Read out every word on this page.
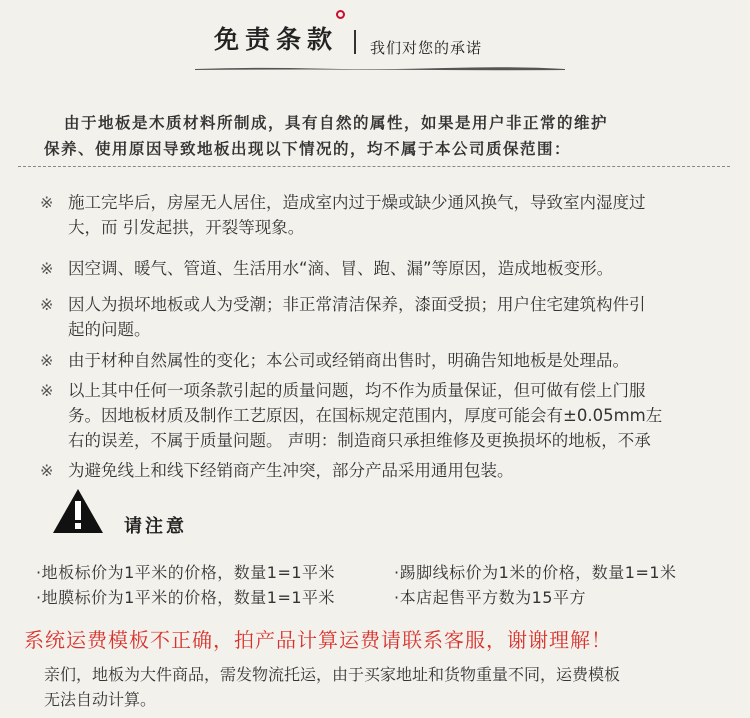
免责条款 我们对您的承诺
由于地板是木质材料所制成，具有自然的属性，如果是用户非正常的维护
保养、使用原因导致地板出现以下情况的，均不属于本公司质保范围：
※ 施工完毕后，房屋无人居住，造成室内过于燥或缺少通风换气，导致室内湿度过
大，而 引发起拱，开裂等现象。
※ 因空调、暖气、管道、生活用水“滴、冒、跑、漏”等原因，造成地板变形。
※ 因人为损坏地板或人为受潮；非正常清洁保养，漆面受损；用户住宅建筑构件引
起的问题。
※ 由于材种自然属性的变化；本公司或经销商出售时，明确告知地板是处理品。
※ 以上其中任何一项条款引起的质量问题，均不作为质量保证，但可做有偿上门服
务。因地板材质及制作工艺原因，在国标规定范围内，厚度可能会有±0.05mm左
右的误差，不属于质量问题。 声明：制造商只承担维修及更换损坏的地板，不承
※ 为避免线上和线下经销商产生冲突，部分产品采用通用包装。
请注意
·地板标价为1平米的价格，数量1=1平米	·踢脚线标价为1米的价格，数量1=1米
·地膜标价为1平米的价格，数量1=1平米	·本店起售平方数为15平方
系统运费模板不正确，拍产品计算运费请联系客服，谢谢理解！
亲们，地板为大件商品，需发物流托运，由于买家地址和货物重量不同，运费模板
无法自动计算。
